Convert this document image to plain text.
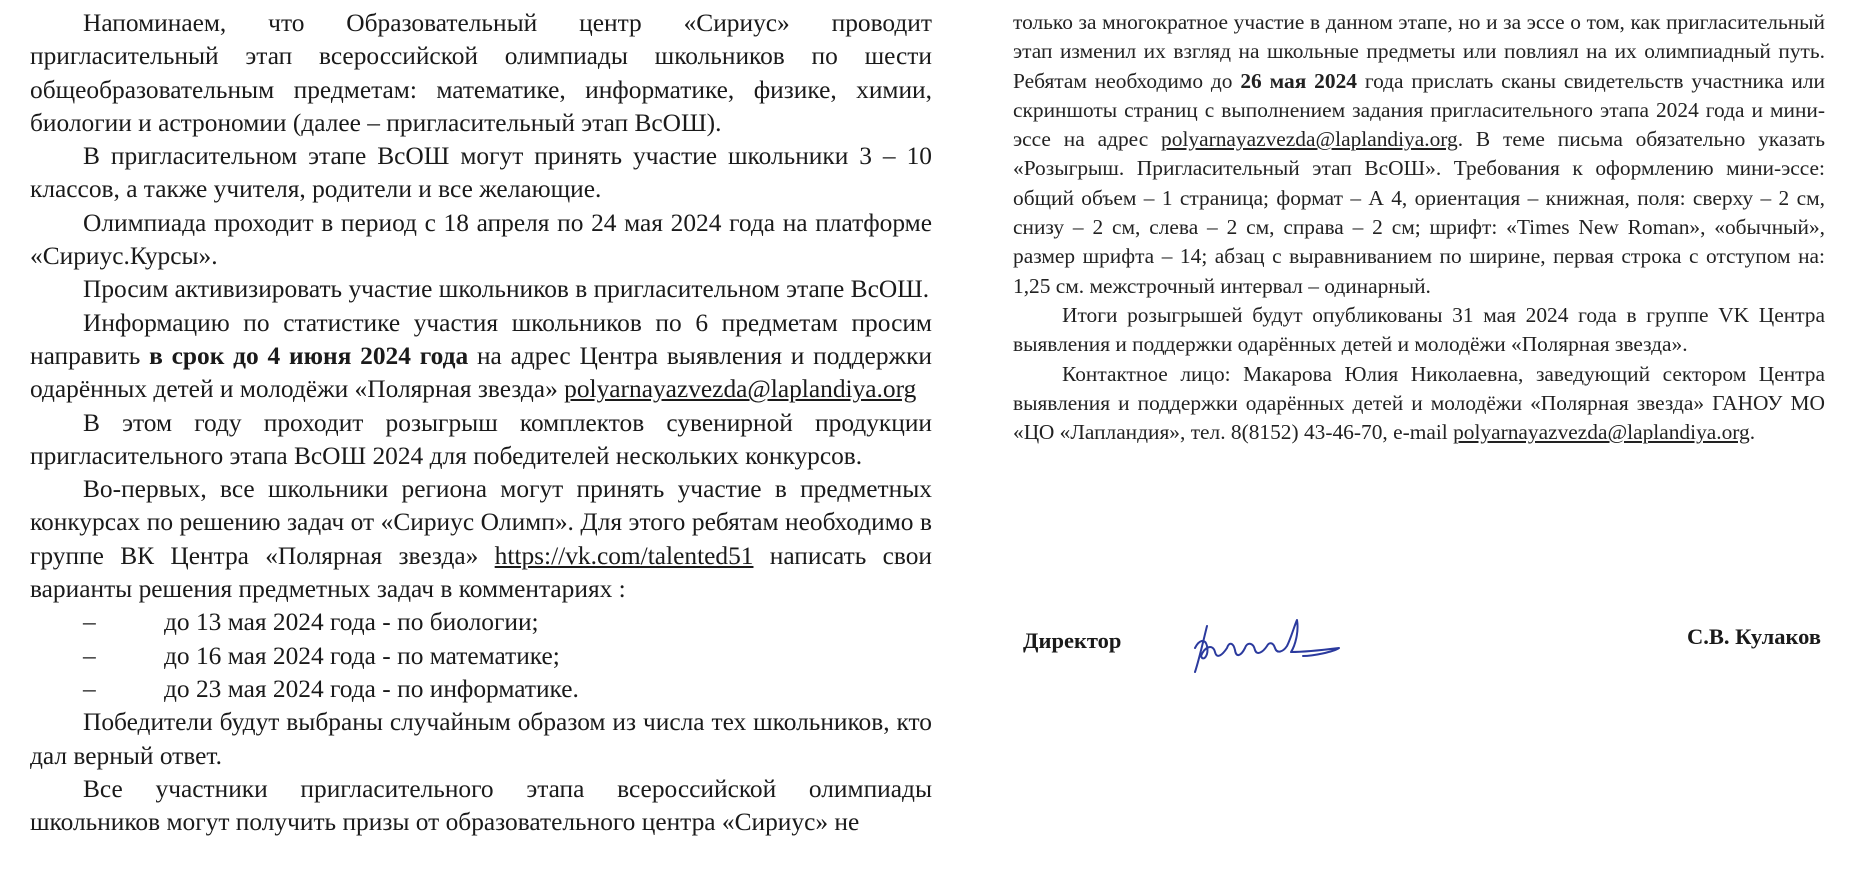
Напоминаем, что Образовательный центр «Сириус» проводит пригласительный этап всероссийской олимпиады школьников по шести общеобразовательным предметам: математике, информатике, физике, химии, биологии и астрономии (далее – пригласительный этап ВсОШ).

В пригласительном этапе ВсОШ могут принять участие школьники 3 – 10 классов, а также учителя, родители и все желающие.

Олимпиада проходит в период с 18 апреля по 24 мая 2024 года на платформе «Сириус.Курсы».

Просим активизировать участие школьников в пригласительном этапе ВсОШ.

Информацию по статистике участия школьников по 6 предметам просим направить в срок до 4 июня 2024 года на адрес Центра выявления и поддержки одарённых детей и молодёжи «Полярная звезда» polyarnayazvezda@laplandiya.org

В этом году проходит розыгрыш комплектов сувенирной продукции пригласительного этапа ВсОШ 2024 для победителей нескольких конкурсов.

Во-первых, все школьники региона могут принять участие в предметных конкурсах по решению задач от «Сириус Олимп». Для этого ребятам необходимо в группе ВК Центра «Полярная звезда» https://vk.com/talented51 написать свои варианты решения предметных задач в комментариях :

–	до 13 мая 2024 года - по биологии;
–	до 16 мая 2024 года - по математике;
–	до 23 мая 2024 года - по информатике.

Победители будут выбраны случайным образом из числа тех школьников, кто дал верный ответ.

Все участники пригласительного этапа всероссийской олимпиады школьников могут получить призы от образовательного центра «Сириус» не

только за многократное участие в данном этапе, но и за эссе о том, как пригласительный этап изменил их взгляд на школьные предметы или повлиял на их олимпиадный путь. Ребятам необходимо до 26 мая 2024 года прислать сканы свидетельств участника или скриншоты страниц с выполнением задания пригласительного этапа 2024 года и мини-эссе на адрес polyarnayazvezda@laplandiya.org. В теме письма обязательно указать «Розыгрыш. Пригласительный этап ВсОШ». Требования к оформлению мини-эссе: общий объем – 1 страница; формат – А 4, ориентация – книжная, поля: сверху – 2 см, снизу – 2 см, слева – 2 см, справа – 2 см; шрифт: «Times New Roman», «обычный», размер шрифта – 14; абзац с выравниванием по ширине, первая строка с отступом на: 1,25 см. межстрочный интервал – одинарный.

Итоги розыгрышей будут опубликованы 31 мая 2024 года в группе VK Центра выявления и поддержки одарённых детей и молодёжи «Полярная звезда».

Контактное лицо: Макарова Юлия Николаевна, заведующий сектором Центра выявления и поддержки одарённых детей и молодёжи «Полярная звезда» ГАНОУ МО «ЦО «Лапландия», тел. 8(8152) 43-46-70, e-mail polyarnayazvezda@laplandiya.org.

Директор	С.В. Кулаков
